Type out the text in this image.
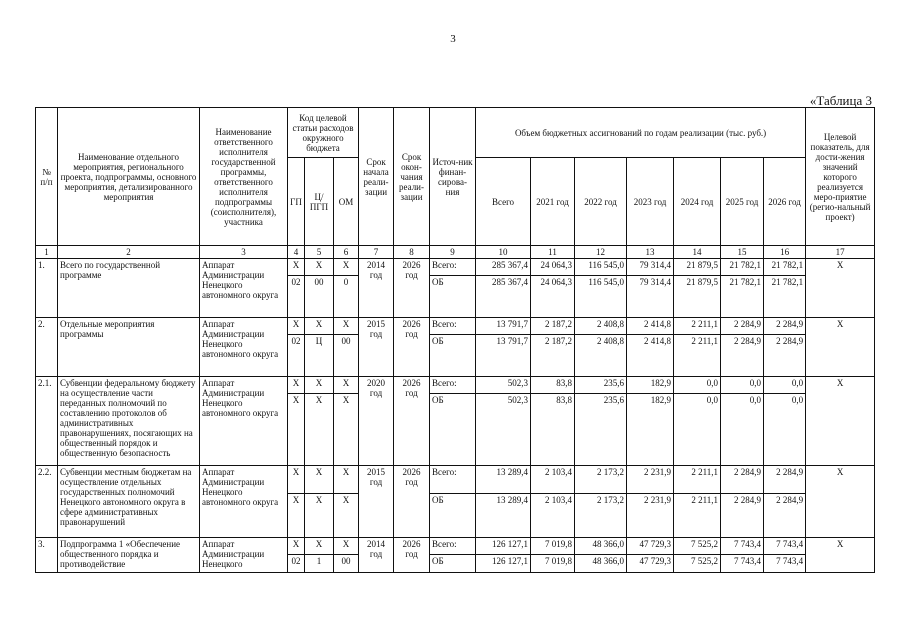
3
«Таблица 3
№ п/п	Наименование отдельного мероприятия, регионального проекта, подпрограммы, основного мероприятия, детализированного мероприятия	Наименование ответственного исполнителя государственной программы, ответственного исполнителя подпрограммы (соисполнителя), участника	Код целевой статьи расходов окружного бюджета			Срок начала реали-зации	Срок окон-чания реали-зации	Источ-ник финан-сирова-ния	Объем бюджетных ассигнований по годам реализации (тыс. руб.)							Целевой показатель, для дости-жения значений которого реализуется меро-приятие (регио-нальный проект)
			ГП	Ц/ ПГП	ОМ				Всего	2021 год	2022 год	2023 год	2024 год	2025 год	2026 год	
1	2	3	4	5	6	7	8	9	10	11	12	13	14	15	16	17
1.	Всего по государственной программе	Аппарат Администрации Ненецкого автономного округа	X	X	X	2014 год	2026 год	Всего:	285 367,4	24 064,3	116 545,0	79 314,4	21 879,5	21 782,1	21 782,1	X
			02	00	0			ОБ	285 367,4	24 064,3	116 545,0	79 314,4	21 879,5	21 782,1	21 782,1	
2.	Отдельные мероприятия программы	Аппарат Администрации Ненецкого автономного округа	X	X	X	2015 год	2026 год	Всего:	13 791,7	2 187,2	2 408,8	2 414,8	2 211,1	2 284,9	2 284,9	X
			02	Ц	00			ОБ	13 791,7	2 187,2	2 408,8	2 414,8	2 211,1	2 284,9	2 284,9	
2.1.	Субвенции федеральному бюджету на осуществление части переданных полномочий по составлению протоколов об административных правонарушениях, посягающих на общественный порядок и общественную безопасность	Аппарат Администрации Ненецкого автономного округа	X	X	X	2020 год	2026 год	Всего:	502,3	83,8	235,6	182,9	0,0	0,0	0,0	X
			X	X	X			ОБ	502,3	83,8	235,6	182,9	0,0	0,0	0,0	
2.2.	Субвенции местным бюджетам на осуществление отдельных государственных полномочий Ненецкого автономного округа в сфере административных правонарушений	Аппарат Администрации Ненецкого автономного округа	X	X	X	2015 год	2026 год	Всего:	13 289,4	2 103,4	2 173,2	2 231,9	2 211,1	2 284,9	2 284,9	X
			X	X	X			ОБ	13 289,4	2 103,4	2 173,2	2 231,9	2 211,1	2 284,9	2 284,9	
3.	Подпрограмма 1 «Обеспечение общественного порядка и противодействие	Аппарат Администрации Ненецкого	X	X	X	2014 год	2026 год	Всего:	126 127,1	7 019,8	48 366,0	47 729,3	7 525,2	7 743,4	7 743,4	X
			02	1	00			ОБ	126 127,1	7 019,8	48 366,0	47 729,3	7 525,2	7 743,4	7 743,4	
